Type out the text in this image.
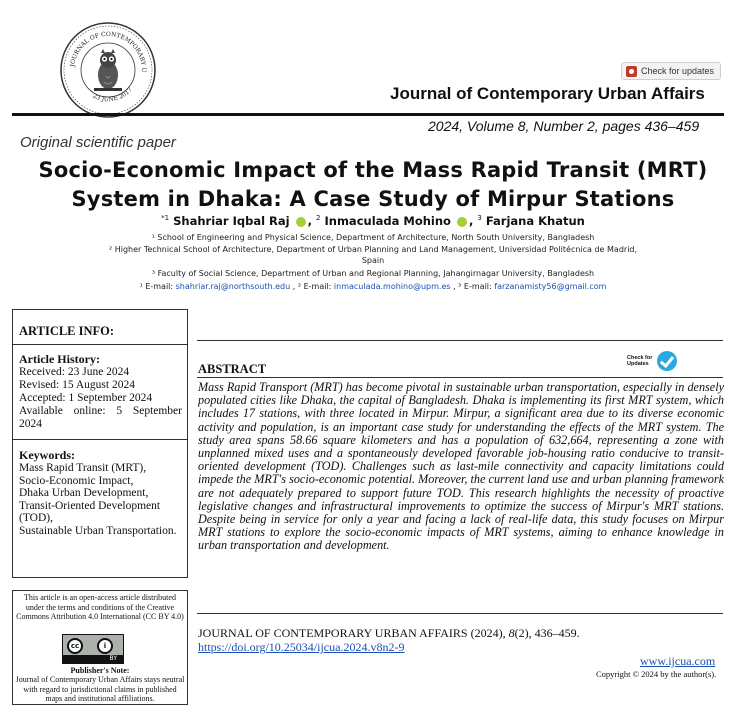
JOURNAL OF CONTEMPORARY U
23 JUNE 2017
Check for updates
Journal of Contemporary Urban Affairs
2024, Volume 8, Number 2, pages 436–459
Original scientific paper
Socio-Economic Impact of the Mass Rapid Transit (MRT)
System in Dhaka: A Case Study of Mirpur Stations
$^{*1}$ Shahriar Iqbal Raj , $^2$ Inmaculada Mohino , $^3$ Farjana Khatun
¹ School of Engineering and Physical Science, Department of Architecture, North South University, Bangladesh
² Higher Technical School of Architecture, Department of Urban Planning and Land Management, Universidad Politécnica de Madrid,
Spain
³ Faculty of Social Science, Department of Urban and Regional Planning, Jahangirnagar University, Bangladesh
¹ E-mail: shahriar.raj@northsouth.edu , ² E-mail: inmaculada.mohino@upm.es , ³ E-mail: farzanamisty56@gmail.com
ARTICLE INFO:
Article History:
Received: 23 June 2024
Revised: 15 August 2024
Accepted: 1 September 2024
Available online: 5 September
2024
Keywords:
Mass Rapid Transit (MRT),
Socio-Economic Impact,
Dhaka Urban Development,
Transit-Oriented Development
(TOD),
Sustainable Urban Transportation.
This article is an open-access article distributed under the terms and conditions of the Creative Commons Attribution 4.0 International (CC BY 4.0)
cc	i
BY
Publisher's Note:
Journal of Contemporary Urban Affairs stays neutral with regard to jurisdictional claims in published maps and institutional affiliations.
Check for Updates
ABSTRACT
Mass Rapid Transport (MRT) has become pivotal in sustainable urban transportation, especially in densely populated cities like Dhaka, the capital of Bangladesh. Dhaka is implementing its first MRT system, which includes 17 stations, with three located in Mirpur. Mirpur, a significant area due to its diverse economic activity and population, is an important case study for understanding the effects of the MRT system. The study area spans 58.66 square kilometers and has a population of 632,664, representing a zone with unplanned mixed uses and a spontaneously developed favorable job-housing ratio conducive to transit-oriented development (TOD). Challenges such as last-mile connectivity and capacity limitations could impede the MRT's socio-economic potential. Moreover, the current land use and urban planning framework are not adequately prepared to support future TOD. This research highlights the necessity of proactive legislative changes and infrastructural improvements to optimize the success of Mirpur's MRT stations. Despite being in service for only a year and facing a lack of real-life data, this study focuses on Mirpur MRT stations to explore the socio-economic impacts of MRT systems, aiming to enhance knowledge in urban transportation and development.
JOURNAL OF CONTEMPORARY URBAN AFFAIRS (2024), 8(2), 436–459.
https://doi.org/10.25034/ijcua.2024.v8n2-9
www.ijcua.com
Copyright © 2024 by the author(s).
